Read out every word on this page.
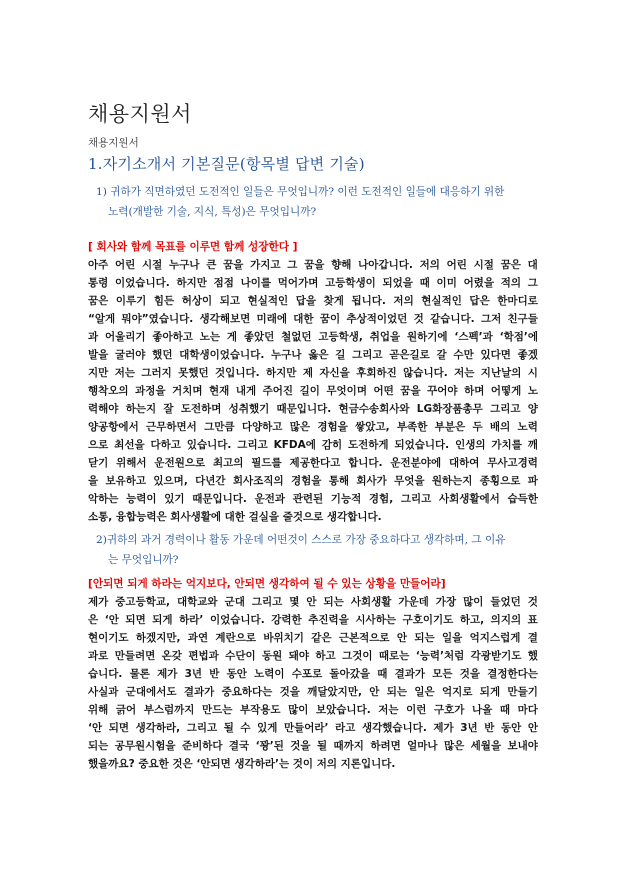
채용지원서
채용지원서
1.자기소개서 기본질문(항목별 답변 기술)
1) 귀하가 직면하였던 도전적인 일들은 무엇입니까? 이런 도전적인 일들에 대응하기 위한
노력(개발한 기술, 지식, 특성)은 무엇입니까?
[ 회사와 함께 목표를 이루면 함께 성장한다 ]
아주 어린 시절 누구나 큰 꿈을 가지고 그 꿈을 향해 나아갑니다. 저의 어린 시절 꿈은 대
통령 이었습니다. 하지만 점점 나이를 먹어가며 고등학생이 되었을 때 이미 어렸을 적의 그
꿈은 이루기 힘든 허상이 되고 현실적인 답을 찾게 됩니다. 저의 현실적인 답은 한마디로
“알게 뭐야”였습니다. 생각해보면 미래에 대한 꿈이 추상적이었던 것 같습니다. 그저 친구들
과 어울리기 좋아하고 노는 게 좋았던 철없던 고등학생, 취업을 원하기에 ‘스펙’과 ‘학점’에
발을 굴러야 했던 대학생이었습니다. 누구나 옳은 길 그리고 곧은길로 갈 수만 있다면 좋겠
지만 저는 그러지 못했던 것입니다. 하지만 제 자신을 후회하진 않습니다. 저는 지난날의 시
행착오의 과정을 거치며 현재 내게 주어진 길이 무엇이며 어떤 꿈을 꾸어야 하며 어떻게 노
력해야 하는지 잘 도전하며 성취했기 때문입니다. 현금수송회사와 LG화장품총무 그리고 양
양공항에서 근무하면서 그만큼 다양하고 많은 경험을 쌓았고, 부족한 부분은 두 배의 노력
으로 최선을 다하고 있습니다. 그리고 KFDA에 감히 도전하게 되었습니다. 인생의 가치를 깨
닫기 위해서 운전원으로 최고의 필드를 제공한다고 합니다. 운전분야에 대하여 무사고경력
을 보유하고 있으며, 다년간 회사조직의 경험을 통해 회사가 무엇을 원하는지 종횡으로 파
악하는 능력이 있기 때문입니다. 운전과 관련된 기능적 경험, 그리고 사회생활에서 습득한
소통, 융합능력은 회사생활에 대한 걸실을 줄것으로 생각합니다.
2)귀하의 과거 경력이나 활동 가운데 어떤것이 스스로 가장 중요하다고 생각하며, 그 이유
는 무엇입니까?
[안되면 되게 하라는 억지보다, 안되면 생각하여 될 수 있는 상황을 만들어라]
제가 중고등학교, 대학교와 군대 그리고 몇 안 되는 사회생활 가운데 가장 많이 들었던 것
은 ‘안 되면 되게 하라’ 이었습니다. 강력한 추진력을 시사하는 구호이기도 하고, 의지의 표
현이기도 하겠지만, 과연 계란으로 바위치기 같은 근본적으로 안 되는 일을 억지스럽게 결
과로 만들려면 온갖 편법과 수단이 동원 돼야 하고 그것이 때로는 ‘능력’처럼 각광받기도 했
습니다. 물론 제가 3년 반 동안 노력이 수포로 돌아갔을 때 결과가 모든 것을 결정한다는
사실과 군대에서도 결과가 중요하다는 것을 깨달았지만, 안 되는 일은 억지로 되게 만들기
위해 긁어 부스럼까지 만드는 부작용도 많이 보았습니다. 저는 이런 구호가 나올 때 마다
‘안 되면 생각하라, 그리고 될 수 있게 만들어라’ 라고 생각했습니다. 제가 3년 반 동안 안
되는 공무원시험을 준비하다 결국 ‘꽝’된 것을 될 때까지 하려면 얼마나 많은 세월을 보내야
했을까요? 중요한 것은 ‘안되면 생각하라’는 것이 저의 지론입니다.
